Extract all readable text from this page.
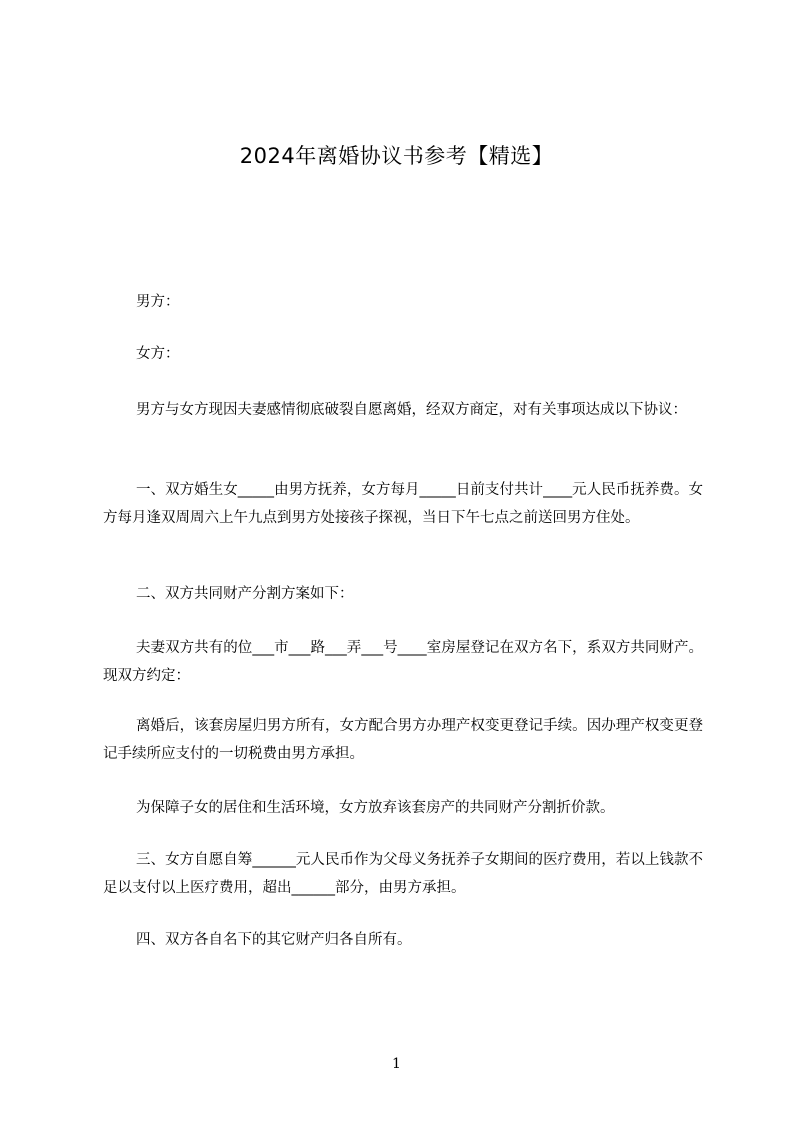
2024年离婚协议书参考【精选】

男方：

女方：

男方与女方现因夫妻感情彻底破裂自愿离婚，经双方商定，对有关事项达成以下协议：

一、双方婚生女_____由男方抚养，女方每月_____日前支付共计____元人民币抚养费。女方每月逢双周周六上午九点到男方处接孩子探视，当日下午七点之前送回男方住处。

二、双方共同财产分割方案如下：

夫妻双方共有的位___市___路___弄___号____室房屋登记在双方名下，系双方共同财产。现双方约定：

离婚后，该套房屋归男方所有，女方配合男方办理产权变更登记手续。因办理产权变更登记手续所应支付的一切税费由男方承担。

为保障子女的居住和生活环境，女方放弃该套房产的共同财产分割折价款。

三、女方自愿自筹______元人民币作为父母义务抚养子女期间的医疗费用，若以上钱款不足以支付以上医疗费用，超出______部分，由男方承担。

四、双方各自名下的其它财产归各自所有。

1
